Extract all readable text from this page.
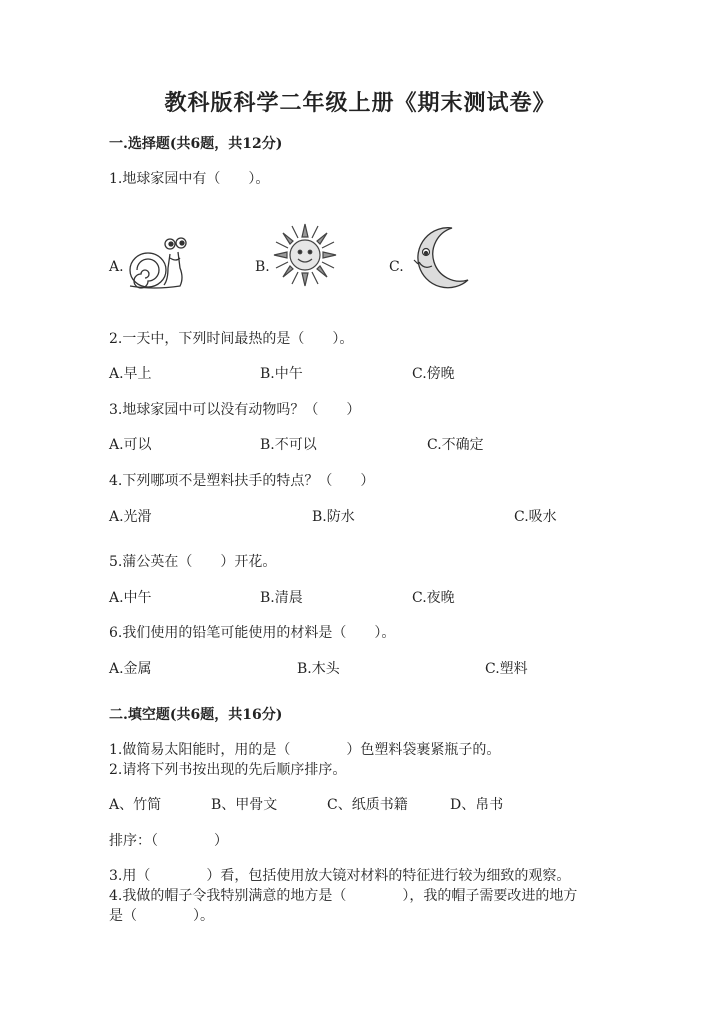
教科版科学二年级上册《期末测试卷》
一.选择题(共6题，共12分)
1.地球家园中有（　　）。
A.	B.	C.
2.一天中，下列时间最热的是（　　）。
A.早上	B.中午	C.傍晚
3.地球家园中可以没有动物吗？（　　）
A.可以	B.不可以	C.不确定
4.下列哪项不是塑料扶手的特点？（　　）
A.光滑	B.防水	C.吸水
5.蒲公英在（　　）开花。
A.中午	B.清晨	C.夜晚
6.我们使用的铅笔可能使用的材料是（　　）。
A.金属	B.木头	C.塑料
二.填空题(共6题，共16分)
1.做简易太阳能时，用的是（　　　　）色塑料袋裹紧瓶子的。
2.请将下列书按出现的先后顺序排序。
A、竹简	B、甲骨文	C、纸质书籍	D、帛书
排序：（　　　　）
3.用（　　　　）看，包括使用放大镜对材料的特征进行较为细致的观察。
4.我做的帽子令我特别满意的地方是（　　　　），我的帽子需要改进的地方
是（　　　　）。
